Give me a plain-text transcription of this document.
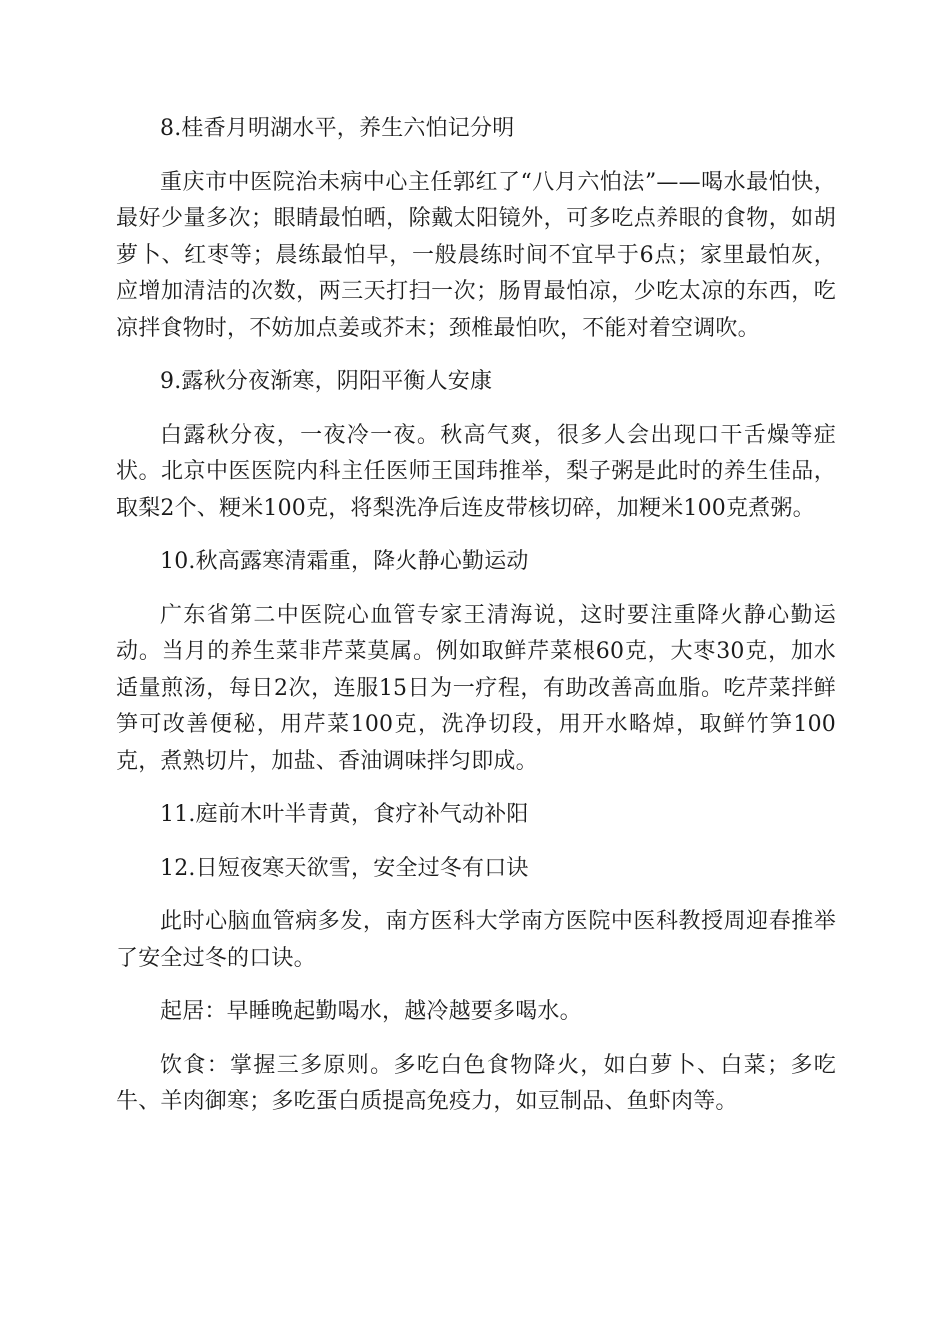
8.桂香月明湖水平，养生六怕记分明

重庆市中医院治未病中心主任郭红了“八月六怕法”——喝水最怕快，最好少量多次；眼睛最怕晒，除戴太阳镜外，可多吃点养眼的食物，如胡萝卜、红枣等；晨练最怕早，一般晨练时间不宜早于6点；家里最怕灰，应增加清洁的次数，两三天打扫一次；肠胃最怕凉，少吃太凉的东西，吃凉拌食物时，不妨加点姜或芥末；颈椎最怕吹，不能对着空调吹。

9.露秋分夜渐寒，阴阳平衡人安康

白露秋分夜，一夜冷一夜。秋高气爽，很多人会出现口干舌燥等症状。北京中医医院内科主任医师王国玮推举，梨子粥是此时的养生佳品，取梨2个、粳米100克，将梨洗净后连皮带核切碎，加粳米100克煮粥。

10.秋高露寒清霜重，降火静心勤运动

广东省第二中医院心血管专家王清海说，这时要注重降火静心勤运动。当月的养生菜非芹菜莫属。例如取鲜芹菜根60克，大枣30克，加水适量煎汤，每日2次，连服15日为一疗程，有助改善高血脂。吃芹菜拌鲜笋可改善便秘，用芹菜100克，洗净切段，用开水略焯，取鲜竹笋100克，煮熟切片，加盐、香油调味拌匀即成。

11.庭前木叶半青黄，食疗补气动补阳

12.日短夜寒天欲雪，安全过冬有口诀

此时心脑血管病多发，南方医科大学南方医院中医科教授周迎春推举了安全过冬的口诀。

起居：早睡晚起勤喝水，越冷越要多喝水。

饮食：掌握三多原则。多吃白色食物降火，如白萝卜、白菜；多吃牛、羊肉御寒；多吃蛋白质提高免疫力，如豆制品、鱼虾肉等。
